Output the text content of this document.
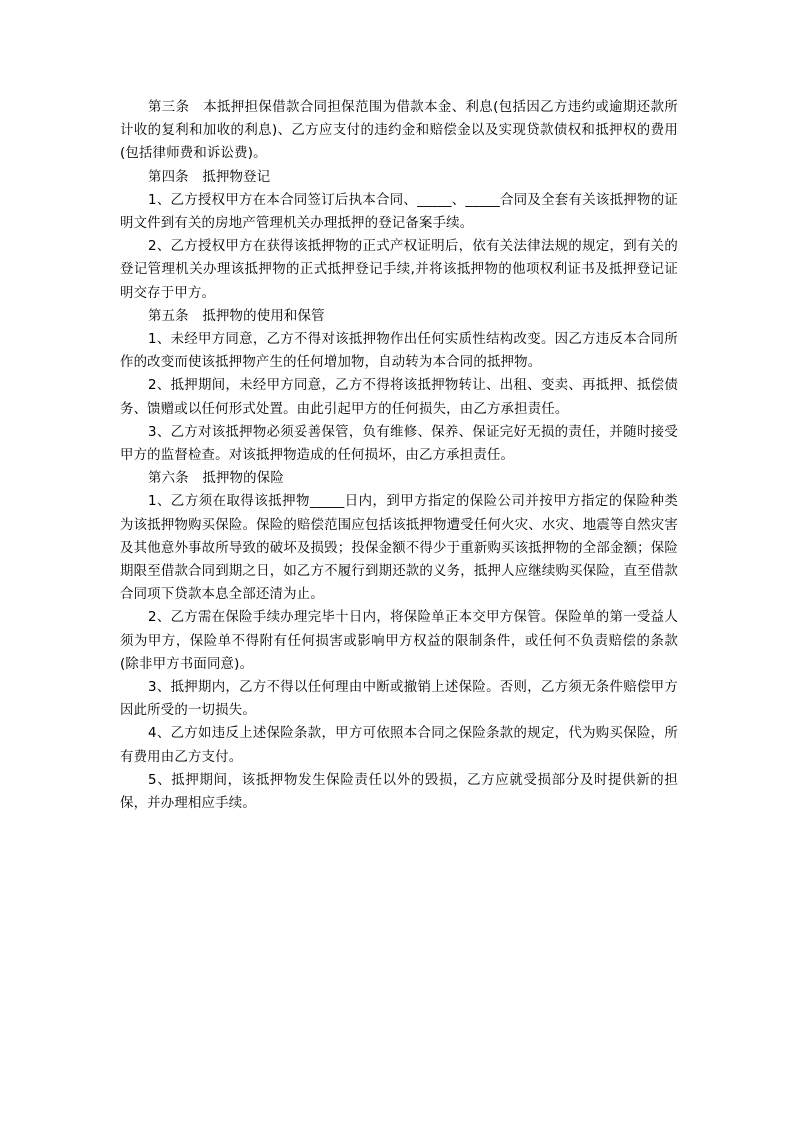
第三条　本抵押担保借款合同担保范围为借款本金、利息(包括因乙方违约或逾期还款所计收的复利和加收的利息)、乙方应支付的违约金和赔偿金以及实现贷款债权和抵押权的费用(包括律师费和诉讼费)。

第四条　抵押物登记

1、乙方授权甲方在本合同签订后执本合同、_____、_____合同及全套有关该抵押物的证明文件到有关的房地产管理机关办理抵押的登记备案手续。

2、乙方授权甲方在获得该抵押物的正式产权证明后，依有关法律法规的规定，到有关的登记管理机关办理该抵押物的正式抵押登记手续,并将该抵押物的他项权利证书及抵押登记证明交存于甲方。

第五条　抵押物的使用和保管

1、未经甲方同意，乙方不得对该抵押物作出任何实质性结构改变。因乙方违反本合同所作的改变而使该抵押物产生的任何增加物，自动转为本合同的抵押物。

2、抵押期间，未经甲方同意，乙方不得将该抵押物转让、出租、变卖、再抵押、抵偿债务、馈赠或以任何形式处置。由此引起甲方的任何损失，由乙方承担责任。

3、乙方对该抵押物必须妥善保管，负有维修、保养、保证完好无损的责任，并随时接受甲方的监督检查。对该抵押物造成的任何损坏，由乙方承担责任。

第六条　抵押物的保险

1、乙方须在取得该抵押物_____日内，到甲方指定的保险公司并按甲方指定的保险种类为该抵押物购买保险。保险的赔偿范围应包括该抵押物遭受任何火灾、水灾、地震等自然灾害及其他意外事故所导致的破坏及损毁；投保金额不得少于重新购买该抵押物的全部金额；保险期限至借款合同到期之日，如乙方不履行到期还款的义务，抵押人应继续购买保险，直至借款合同项下贷款本息全部还清为止。

2、乙方需在保险手续办理完毕十日内，将保险单正本交甲方保管。保险单的第一受益人须为甲方，保险单不得附有任何损害或影响甲方权益的限制条件，或任何不负责赔偿的条款(除非甲方书面同意)。

3、抵押期内，乙方不得以任何理由中断或撤销上述保险。否则，乙方须无条件赔偿甲方因此所受的一切损失。

4、乙方如违反上述保险条款，甲方可依照本合同之保险条款的规定，代为购买保险，所有费用由乙方支付。

5、抵押期间，该抵押物发生保险责任以外的毁损，乙方应就受损部分及时提供新的担保，并办理相应手续。
